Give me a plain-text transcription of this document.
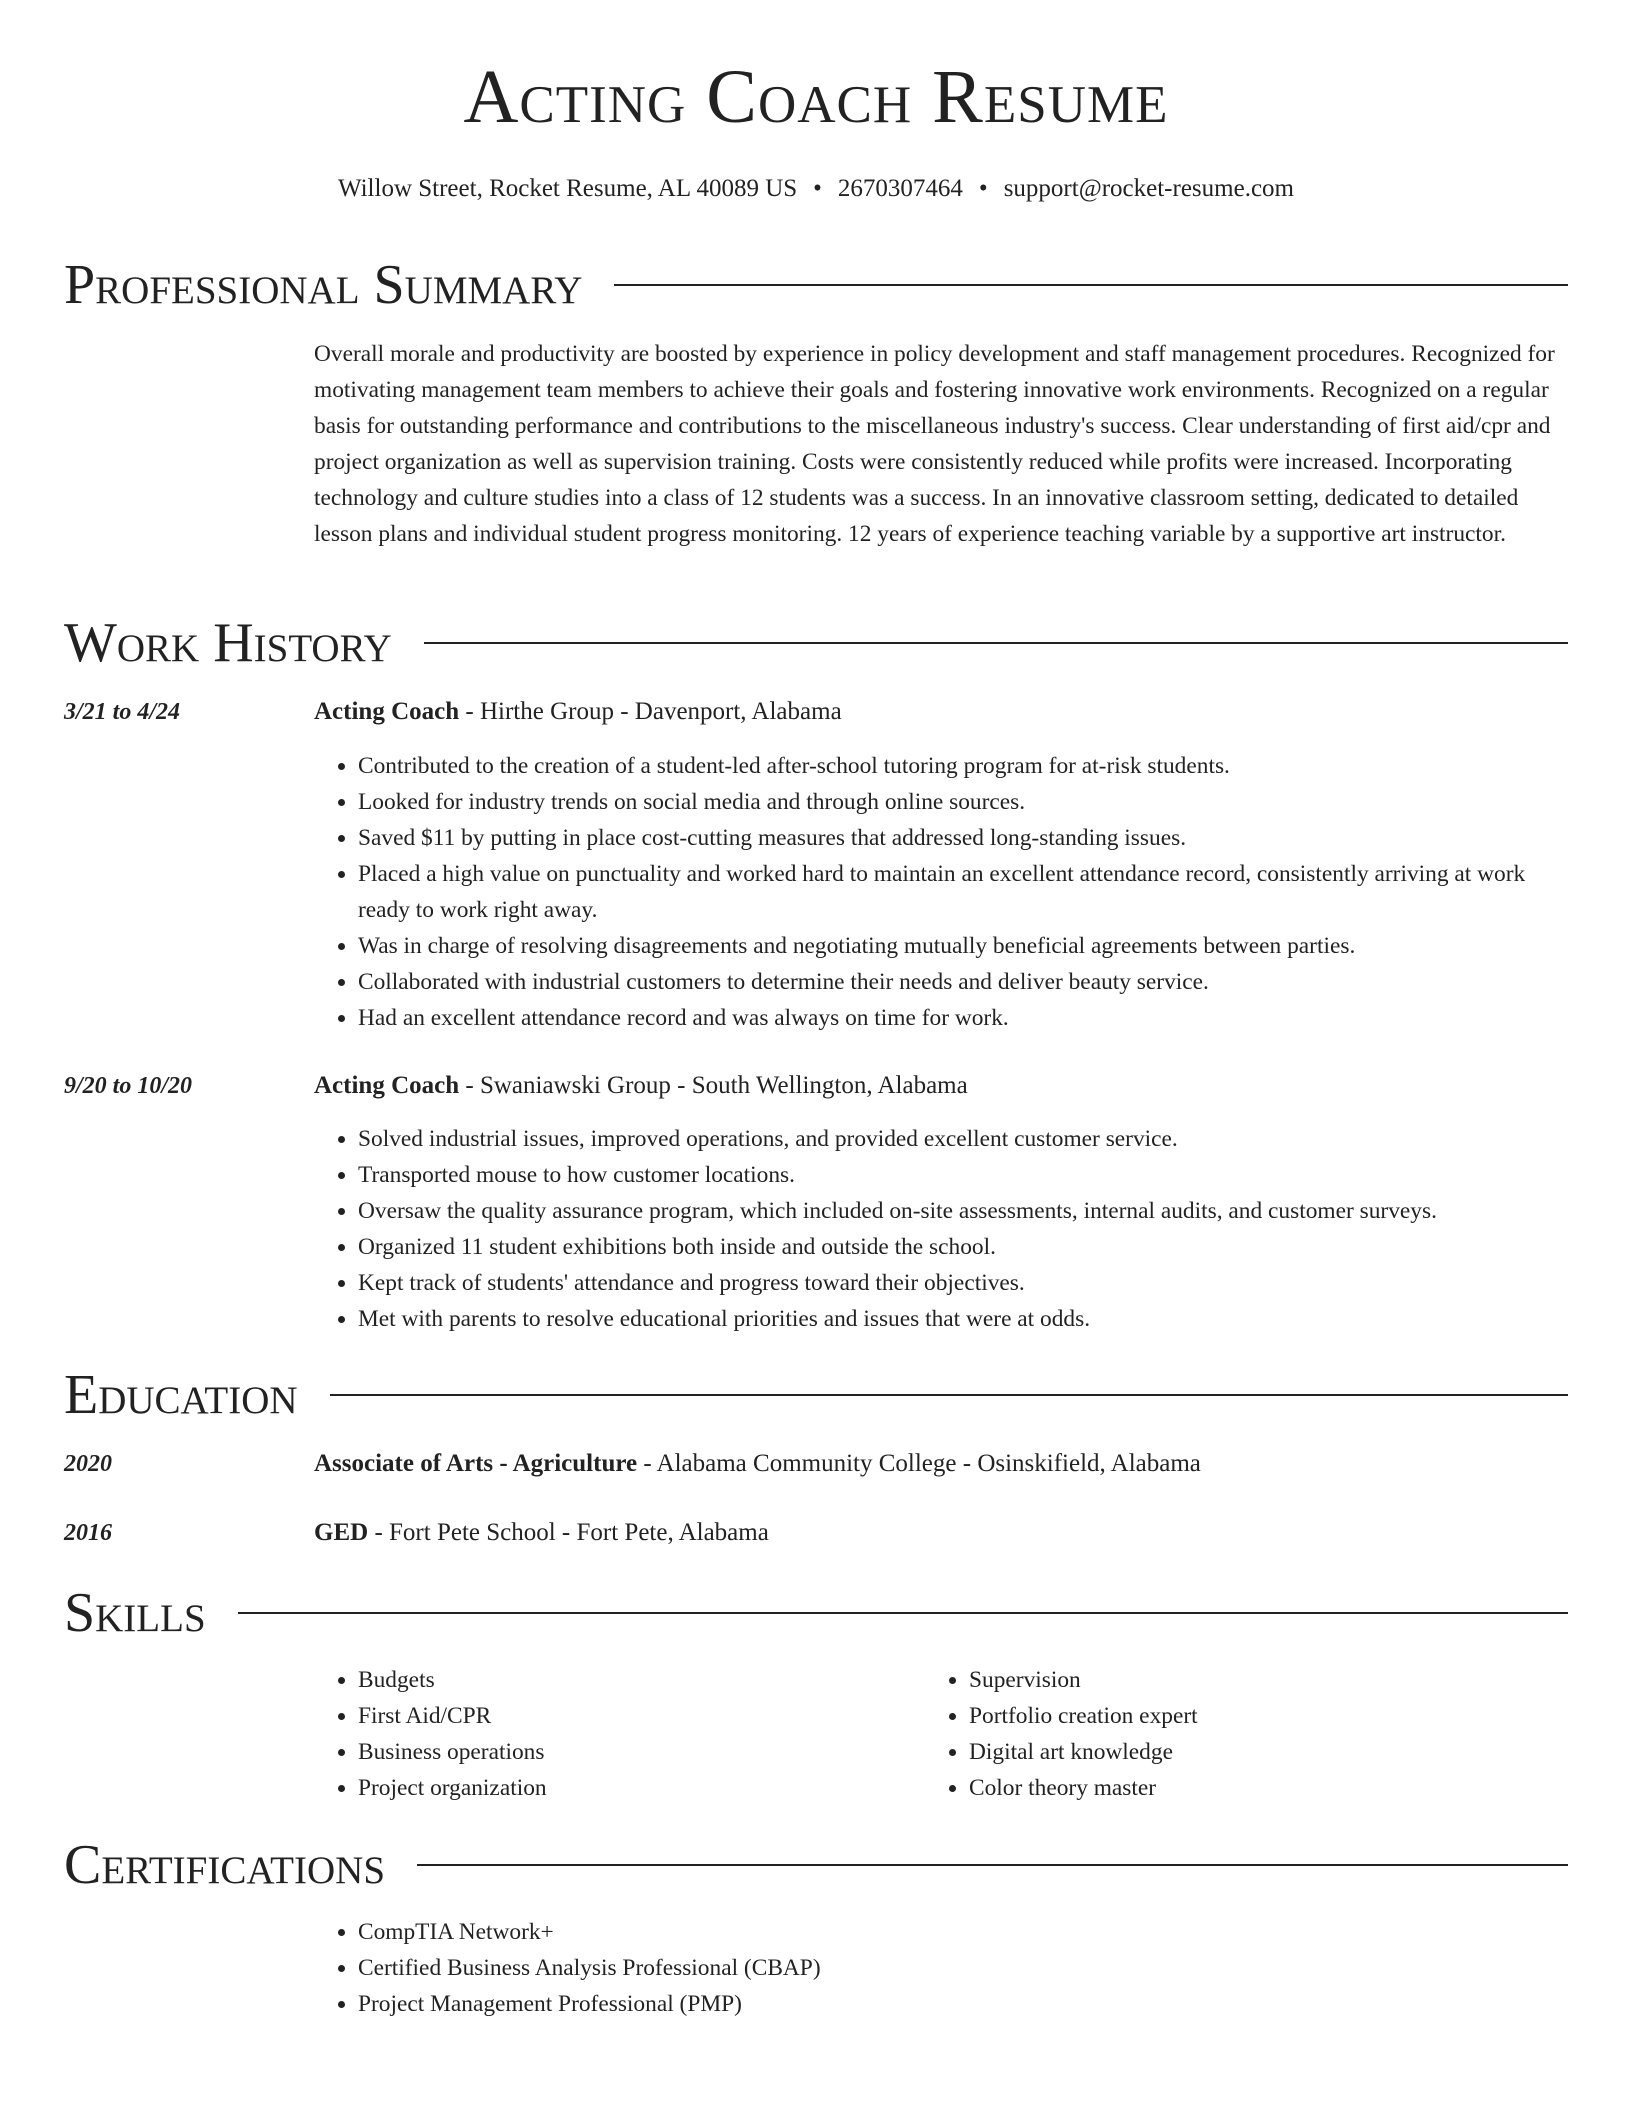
Acting Coach Resume
Willow Street, Rocket Resume, AL 40089 US • 2670307464 • support@rocket-resume.com
Professional Summary

Overall morale and productivity are boosted by experience in policy development and staff management procedures. Recognized for motivating management team members to achieve their goals and fostering innovative work environments. Recognized on a regular basis for outstanding performance and contributions to the miscellaneous industry's success. Clear understanding of first aid/cpr and project organization as well as supervision training. Costs were consistently reduced while profits were increased. Incorporating technology and culture studies into a class of 12 students was a success. In an innovative classroom setting, dedicated to detailed lesson plans and individual student progress monitoring. 12 years of experience teaching variable by a supportive art instructor.

Work History
3/21 to 4/24	Acting Coach - Hirthe Group - Davenport, Alabama
• Contributed to the creation of a student-led after-school tutoring program for at-risk students.
• Looked for industry trends on social media and through online sources.
• Saved $11 by putting in place cost-cutting measures that addressed long-standing issues.
• Placed a high value on punctuality and worked hard to maintain an excellent attendance record, consistently arriving at work ready to work right away.
• Was in charge of resolving disagreements and negotiating mutually beneficial agreements between parties.
• Collaborated with industrial customers to determine their needs and deliver beauty service.
• Had an excellent attendance record and was always on time for work.
9/20 to 10/20	Acting Coach - Swaniawski Group - South Wellington, Alabama
• Solved industrial issues, improved operations, and provided excellent customer service.
• Transported mouse to how customer locations.
• Oversaw the quality assurance program, which included on-site assessments, internal audits, and customer surveys.
• Organized 11 student exhibitions both inside and outside the school.
• Kept track of students' attendance and progress toward their objectives.
• Met with parents to resolve educational priorities and issues that were at odds.
Education
2020	Associate of Arts - Agriculture - Alabama Community College - Osinskifield, Alabama
2016	GED - Fort Pete School - Fort Pete, Alabama
Skills
• Budgets
• First Aid/CPR
• Business operations
• Project organization
• Supervision
• Portfolio creation expert
• Digital art knowledge
• Color theory master
Certifications
• CompTIA Network+
• Certified Business Analysis Professional (CBAP)
• Project Management Professional (PMP)
